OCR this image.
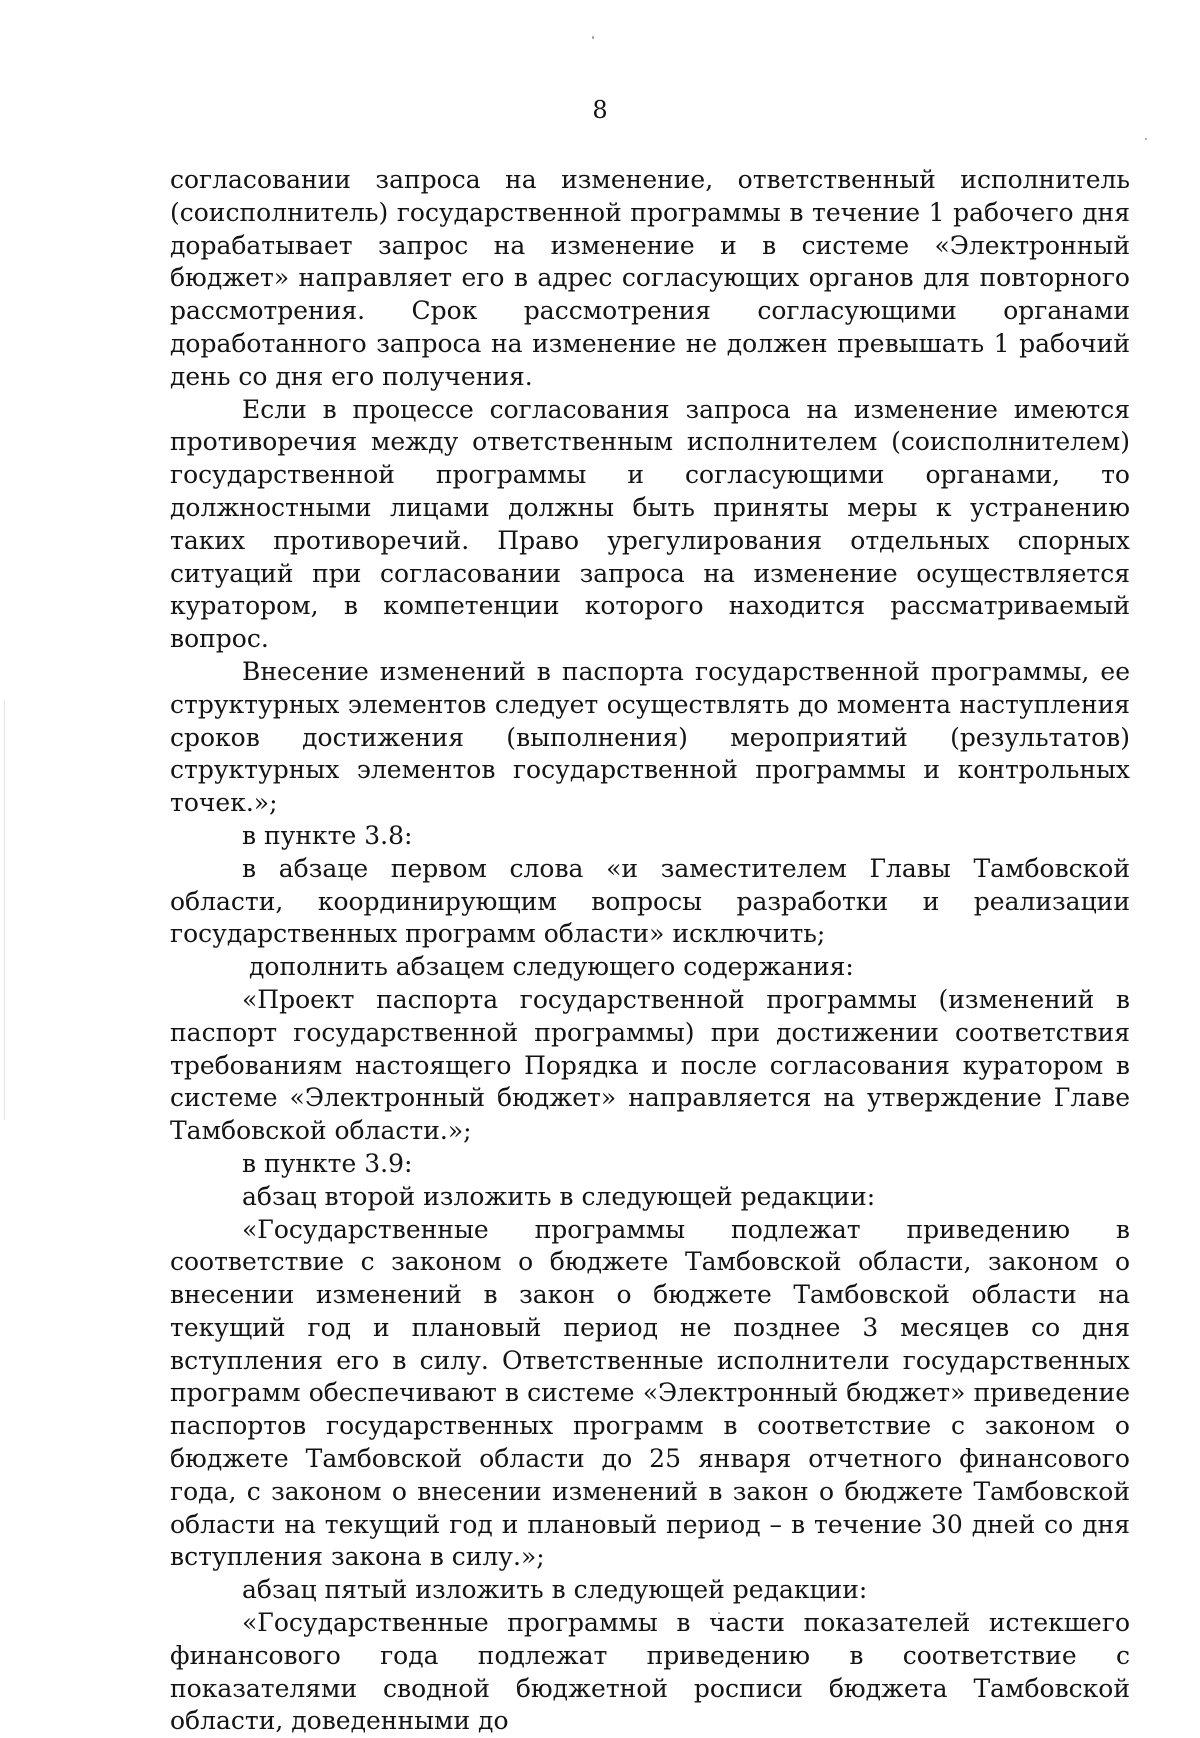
8

согласовании запроса на изменение, ответственный исполнитель (соисполнитель) государственной программы в течение 1 рабочего дня дорабатывает запрос на изменение и в системе «Электронный бюджет» направляет его в адрес согласующих органов для повторного рассмотрения. Срок рассмотрения согласующими органами доработанного запроса на изменение не должен превышать 1 рабочий день со дня его получения.

Если в процессе согласования запроса на изменение имеются противоречия между ответственным исполнителем (соисполнителем) государственной программы и согласующими органами, то должностными лицами должны быть приняты меры к устранению таких противоречий. Право урегулирования отдельных спорных ситуаций при согласовании запроса на изменение осуществляется куратором, в компетенции которого находится рассматриваемый вопрос.

Внесение изменений в паспорта государственной программы, ее структурных элементов следует осуществлять до момента наступления сроков достижения (выполнения) мероприятий (результатов) структурных элементов государственной программы и контрольных точек.»;

в пункте 3.8:

в абзаце первом слова «и заместителем Главы Тамбовской области, координирующим вопросы разработки и реализации государственных программ области» исключить;

дополнить абзацем следующего содержания:

«Проект паспорта государственной программы (изменений в паспорт государственной программы) при достижении соответствия требованиям настоящего Порядка и после согласования куратором в системе «Электронный бюджет» направляется на утверждение Главе Тамбовской области.»;

в пункте 3.9:

абзац второй изложить в следующей редакции:

«Государственные программы подлежат приведению в соответствие с законом о бюджете Тамбовской области, законом о внесении изменений в закон о бюджете Тамбовской области на текущий год и плановый период не позднее 3 месяцев со дня вступления его в силу. Ответственные исполнители государственных программ обеспечивают в системе «Электронный бюджет» приведение паспортов государственных программ в соответствие с законом о бюджете Тамбовской области до 25 января отчетного финансового года, с законом о внесении изменений в закон о бюджете Тамбовской области на текущий год и плановый период – в течение 30 дней со дня вступления закона в силу.»;

абзац пятый изложить в следующей редакции:

«Государственные программы в части показателей истекшего финансового года подлежат приведению в соответствие с показателями сводной бюджетной росписи бюджета Тамбовской области, доведенными до
